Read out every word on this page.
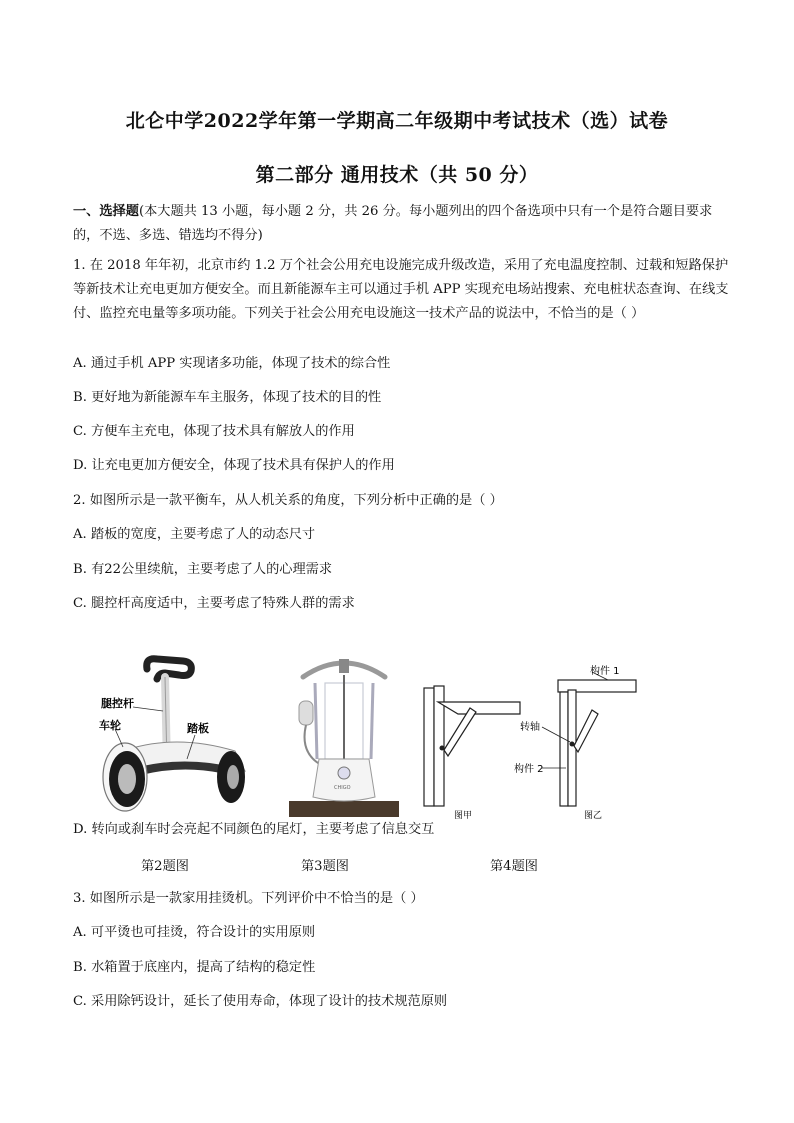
北仑中学2022学年第一学期高二年级期中考试技术（选）试卷
第二部分 通用技术（共 50 分）
一、选择题(本大题共 13 小题，每小题 2 分，共 26 分。每小题列出的四个备选项中只有一个是符合题目要求的，不选、多选、错选均不得分)
1. 在 2018 年年初，北京市约 1.2 万个社会公用充电设施完成升级改造，采用了充电温度控制、过载和短路保护等新技术让充电更加方便安全。而且新能源车主可以通过手机 APP 实现充电场站搜索、充电桩状态查询、在线支付、监控充电量等多项功能。下列关于社会公用充电设施这一技术产品的说法中，不恰当的是（ ）
A. 通过手机 APP 实现诸多功能，体现了技术的综合性
B. 更好地为新能源车车主服务，体现了技术的目的性
C. 方便车主充电，体现了技术具有解放人的作用
D. 让充电更加方便安全，体现了技术具有保护人的作用
2. 如图所示是一款平衡车，从人机关系的角度，下列分析中正确的是（ ）
A. 踏板的宽度，主要考虑了人的动态尺寸
B. 有22公里续航，主要考虑了人的心理需求
C. 腿控杆高度适中，主要考虑了特殊人群的需求
腿控杆
车轮	踏板
CHIGO
构件 1
转轴
构件 2
图甲	图乙
D. 转向或刹车时会亮起不同颜色的尾灯，主要考虑了信息交互
第2题图	第3题图	第4题图
3. 如图所示是一款家用挂烫机。下列评价中不恰当的是（ ）
A. 可平烫也可挂烫，符合设计的实用原则
B. 水箱置于底座内，提高了结构的稳定性
C. 采用除钙设计，延长了使用寿命，体现了设计的技术规范原则
